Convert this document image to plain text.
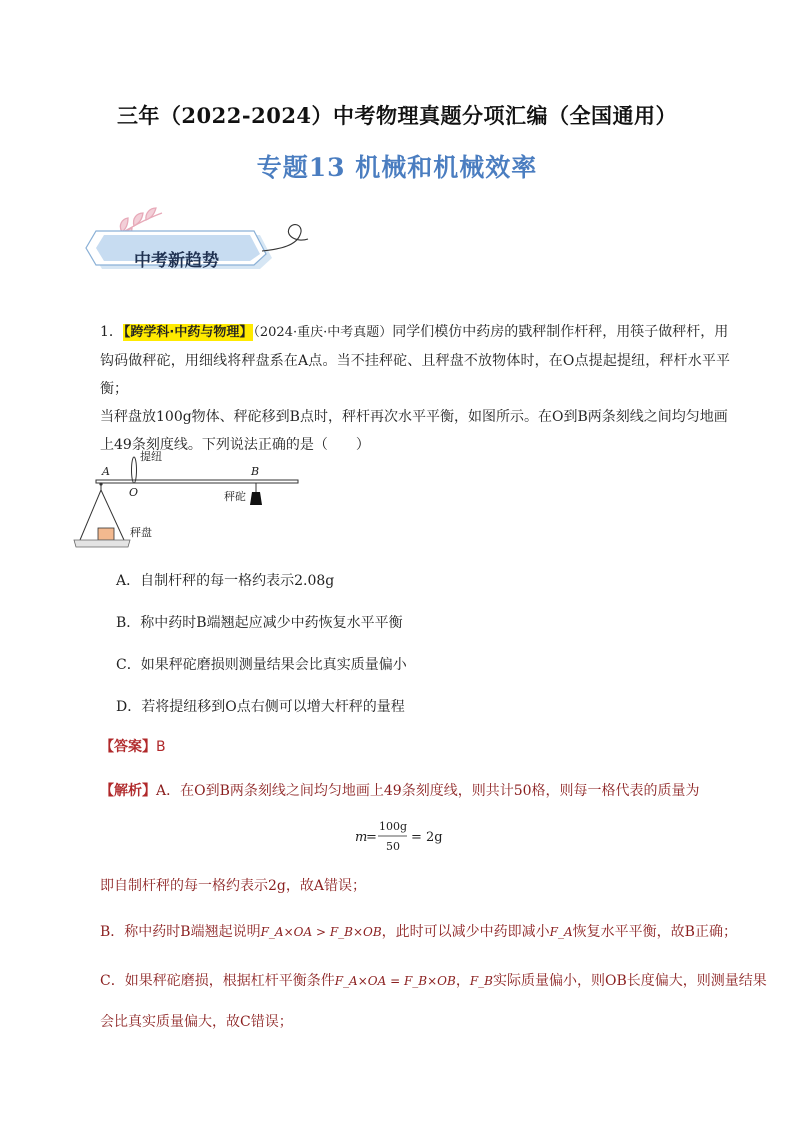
三年（2022-2024）中考物理真题分项汇编（全国通用）
专题13 机械和机械效率
中考新趋势
1．【跨学科·中药与物理】（2024·重庆·中考真题）同学们模仿中药房的戥秤制作杆秤，用筷子做秤杆，用
钩码做秤砣，用细线将秤盘系在A点。当不挂秤砣、且秤盘不放物体时，在O点提起提纽，秤杆水平平衡；
当秤盘放100g物体、秤砣移到B点时，秤杆再次水平平衡，如图所示。在O到B两条刻线之间均匀地画
上49条刻度线。下列说法正确的是（　　）
A
O
B
提纽
秤砣
秤盘
A．自制杆秤的每一格约表示2.08g
B．称中药时B端翘起应减少中药恢复水平平衡
C．如果秤砣磨损则测量结果会比真实质量偏小
D．若将提纽移到O点右侧可以增大杆秤的量程
【答案】B
【解析】A．在O到B两条刻线之间均匀地画上49条刻度线，则共计50格，则每一格代表的质量为
m
=
100g
50
= 2g
即自制杆秤的每一格约表示2g，故A错误；
B．称中药时B端翘起说明F_A×OA > F_B×OB，此时可以减少中药即减小F_A恢复水平平衡，故B正确；
C．如果秤砣磨损，根据杠杆平衡条件F_A×OA = F_B×OB，F_B实际质量偏小，则OB长度偏大，则测量结果
会比真实质量偏大，故C错误；
